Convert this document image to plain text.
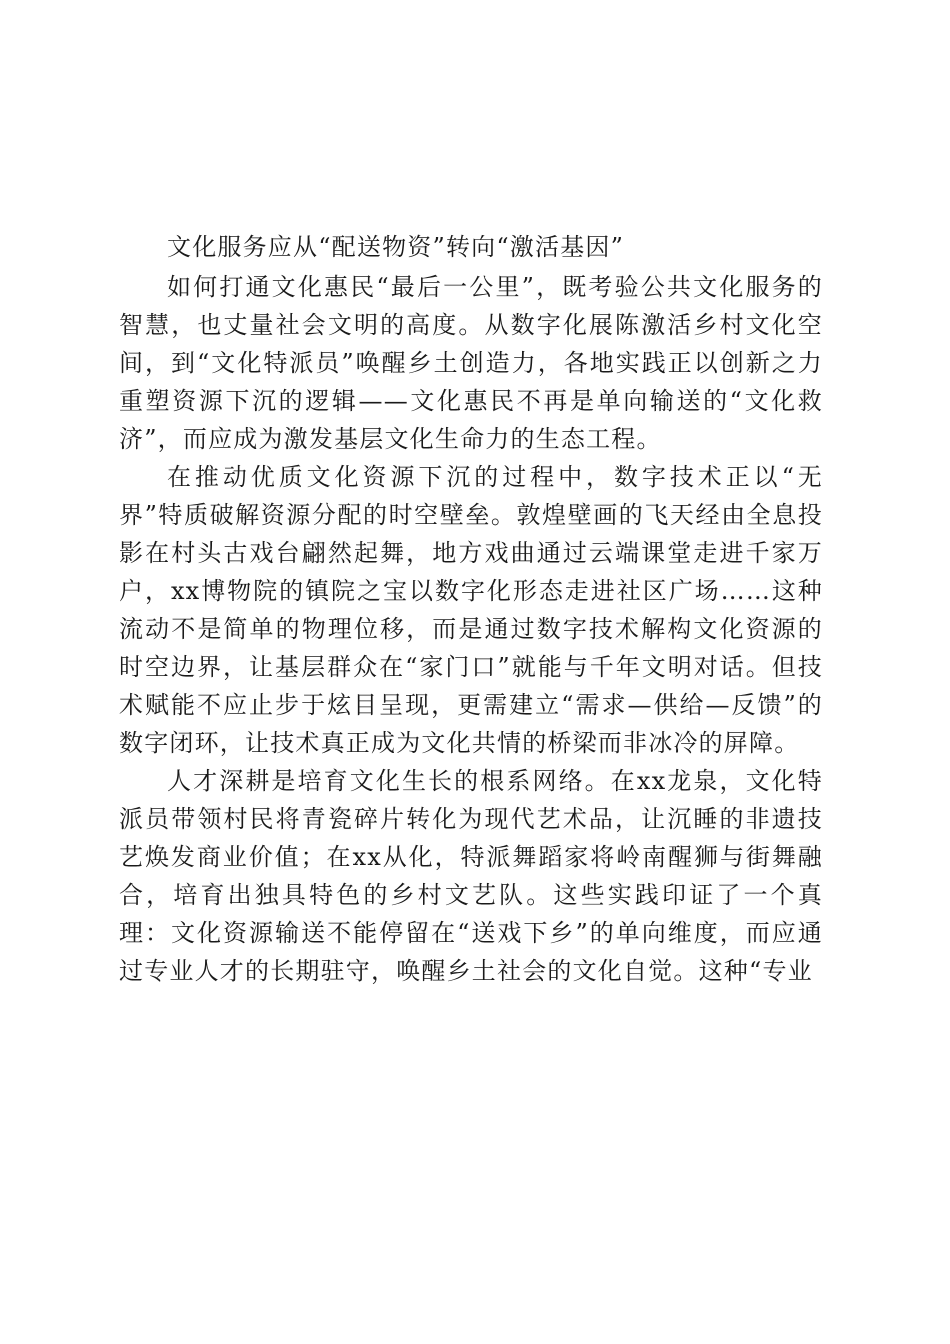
文化服务应从“配送物资”转向“激活基因”

如何打通文化惠民“最后一公里”，既考验公共文化服务的智慧，也丈量社会文明的高度。从数字化展陈激活乡村文化空间，到“文化特派员”唤醒乡土创造力，各地实践正以创新之力重塑资源下沉的逻辑——文化惠民不再是单向输送的“文化救济”，而应成为激发基层文化生命力的生态工程。

在推动优质文化资源下沉的过程中，数字技术正以“无界”特质破解资源分配的时空壁垒。敦煌壁画的飞天经由全息投影在村头古戏台翩然起舞，地方戏曲通过云端课堂走进千家万户，xx博物院的镇院之宝以数字化形态走进社区广场……这种流动不是简单的物理位移，而是通过数字技术解构文化资源的时空边界，让基层群众在“家门口”就能与千年文明对话。但技术赋能不应止步于炫目呈现，更需建立“需求—供给—反馈”的数字闭环，让技术真正成为文化共情的桥梁而非冰冷的屏障。

人才深耕是培育文化生长的根系网络。在xx龙泉，文化特派员带领村民将青瓷碎片转化为现代艺术品，让沉睡的非遗技艺焕发商业价值；在xx从化，特派舞蹈家将岭南醒狮与街舞融合，培育出独具特色的乡村文艺队。这些实践印证了一个真理：文化资源输送不能停留在“送戏下乡”的单向维度，而应通过专业人才的长期驻守，唤醒乡土社会的文化自觉。这种“专业
